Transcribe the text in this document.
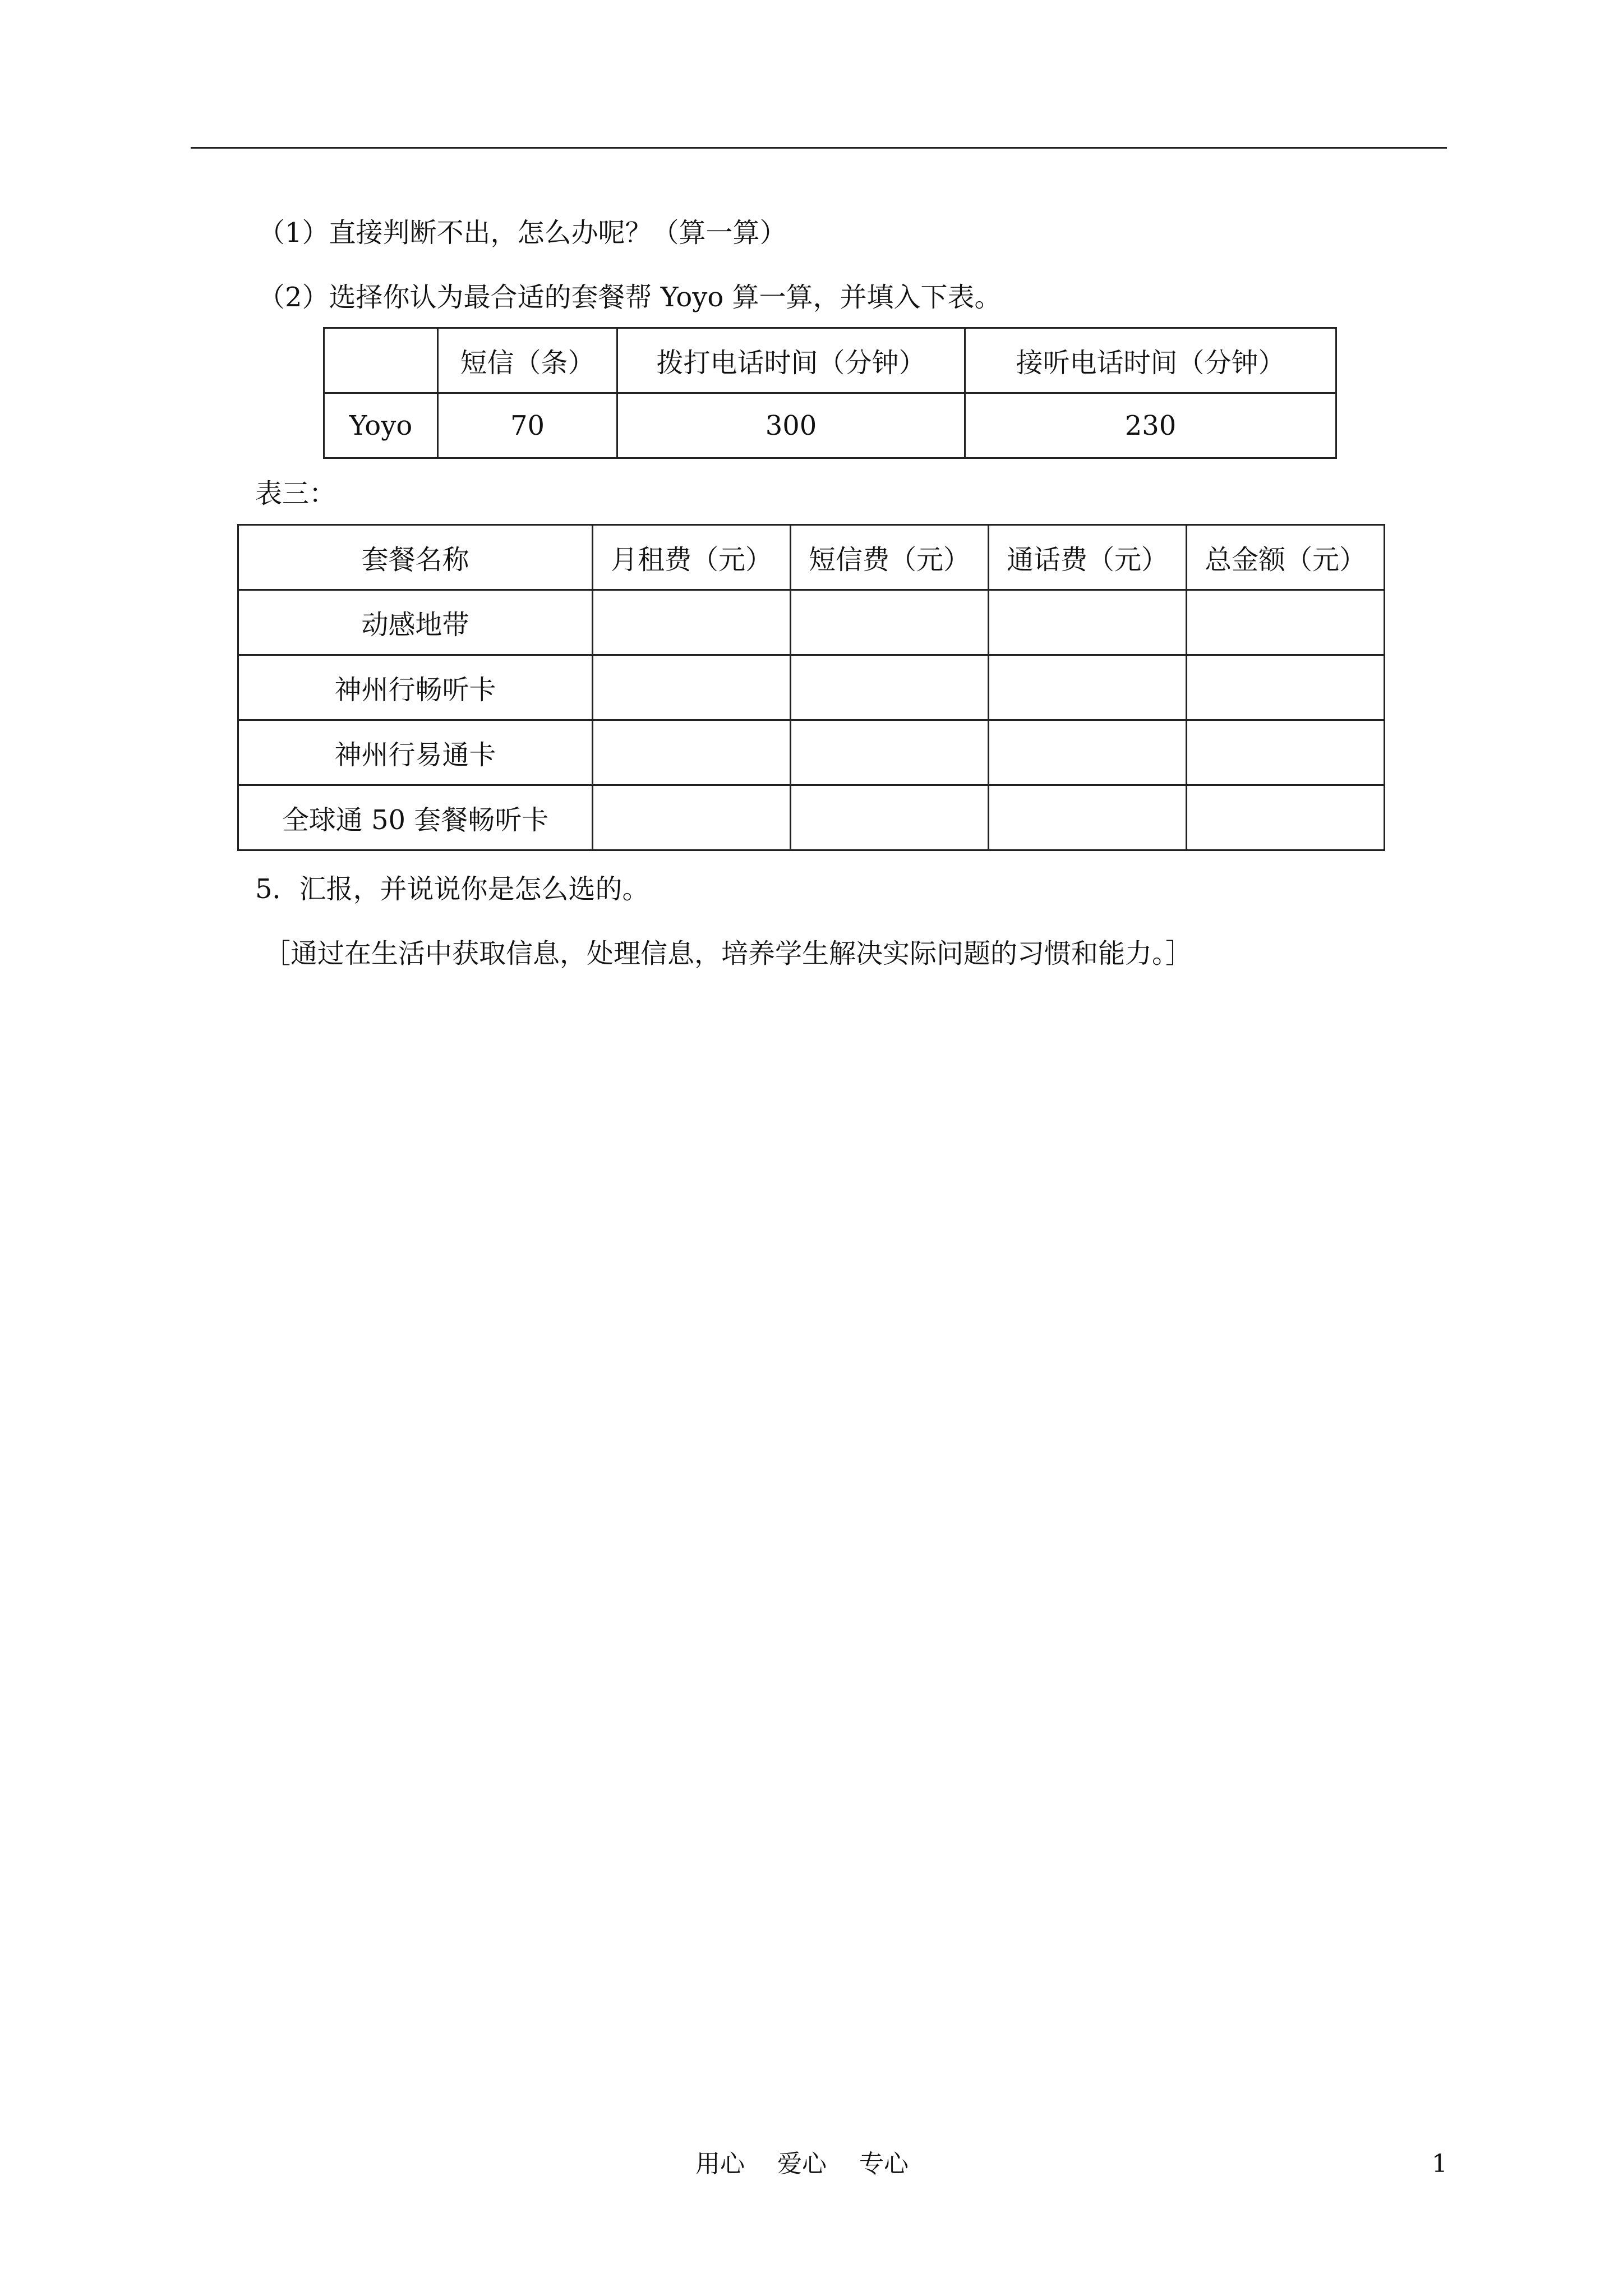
（1）直接判断不出，怎么办呢？（算一算）
（2）选择你认为最合适的套餐帮 Yoyo 算一算，并填入下表。
	短信（条）	拨打电话时间（分钟）	接听电话时间（分钟）
Yoyo	70	300	230
表三：
套餐名称	月租费（元）	短信费（元）	通话费（元）	总金额（元）
动感地带				
神州行畅听卡				
神州行易通卡				
全球通 50 套餐畅听卡				
5．汇报，并说说你是怎么选的。
［通过在生活中获取信息，处理信息，培养学生解决实际问题的习惯和能力。］
用心 爱心 专心	1
